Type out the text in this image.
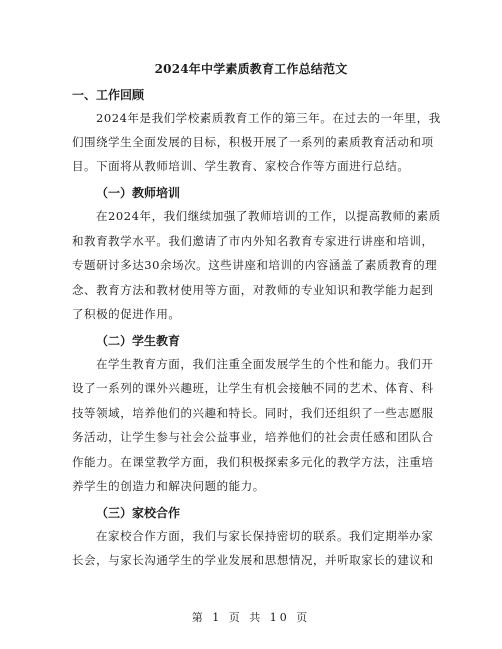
2024年中学素质教育工作总结范文
一、工作回顾
2024年是我们学校素质教育工作的第三年。在过去的一年里，我
们围绕学生全面发展的目标，积极开展了一系列的素质教育活动和项
目。下面将从教师培训、学生教育、家校合作等方面进行总结。
（一）教师培训
在2024年，我们继续加强了教师培训的工作，以提高教师的素质
和教育教学水平。我们邀请了市内外知名教育专家进行讲座和培训，
专题研讨多达30余场次。这些讲座和培训的内容涵盖了素质教育的理
念、教育方法和教材使用等方面，对教师的专业知识和教学能力起到
了积极的促进作用。
（二）学生教育
在学生教育方面，我们注重全面发展学生的个性和能力。我们开
设了一系列的课外兴趣班，让学生有机会接触不同的艺术、体育、科
技等领域，培养他们的兴趣和特长。同时，我们还组织了一些志愿服
务活动，让学生参与社会公益事业，培养他们的社会责任感和团队合
作能力。在课堂教学方面，我们积极探索多元化的教学方法，注重培
养学生的创造力和解决问题的能力。
（三）家校合作
在家校合作方面，我们与家长保持密切的联系。我们定期举办家
长会，与家长沟通学生的学业发展和思想情况，并听取家长的建议和
第 1 页 共 10 页
